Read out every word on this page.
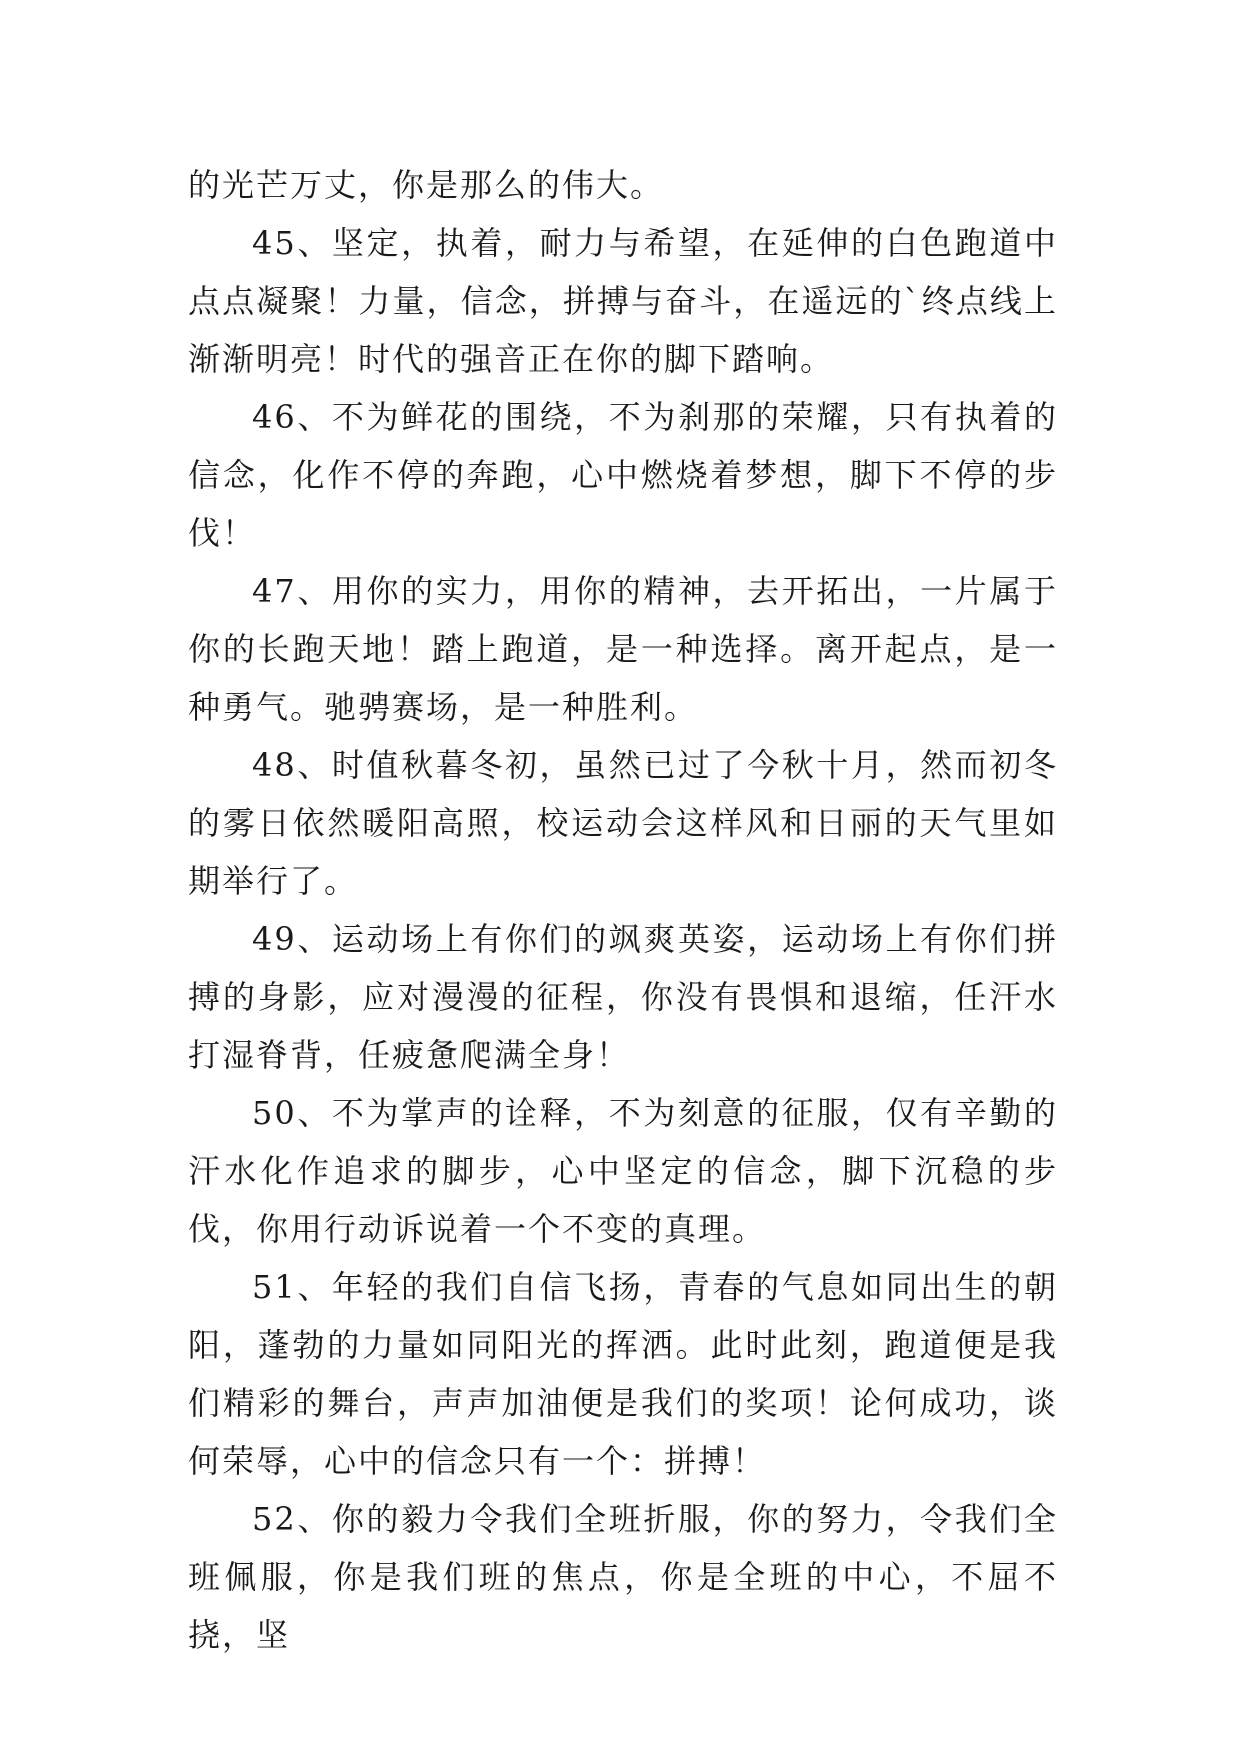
的光芒万丈，你是那么的伟大。

45、坚定，执着，耐力与希望，在延伸的白色跑道中点点凝聚！力量，信念，拼搏与奋斗，在遥远的`终点线上渐渐明亮！时代的强音正在你的脚下踏响。

46、不为鲜花的围绕，不为刹那的荣耀，只有执着的信念，化作不停的奔跑，心中燃烧着梦想，脚下不停的步伐！

47、用你的实力，用你的精神，去开拓出，一片属于你的长跑天地！踏上跑道，是一种选择。离开起点，是一种勇气。驰骋赛场，是一种胜利。

48、时值秋暮冬初，虽然已过了今秋十月，然而初冬的雾日依然暖阳高照，校运动会这样风和日丽的天气里如期举行了。

49、运动场上有你们的飒爽英姿，运动场上有你们拼搏的身影，应对漫漫的征程，你没有畏惧和退缩，任汗水打湿脊背，任疲惫爬满全身！

50、不为掌声的诠释，不为刻意的征服，仅有辛勤的汗水化作追求的脚步，心中坚定的信念，脚下沉稳的步伐，你用行动诉说着一个不变的真理。

51、年轻的我们自信飞扬，青春的气息如同出生的朝阳，蓬勃的力量如同阳光的挥洒。此时此刻，跑道便是我们精彩的舞台，声声加油便是我们的奖项！论何成功，谈何荣辱，心中的信念只有一个：拼搏！

52、你的毅力令我们全班折服，你的努力，令我们全班佩服，你是我们班的焦点，你是全班的中心，不屈不挠，坚
